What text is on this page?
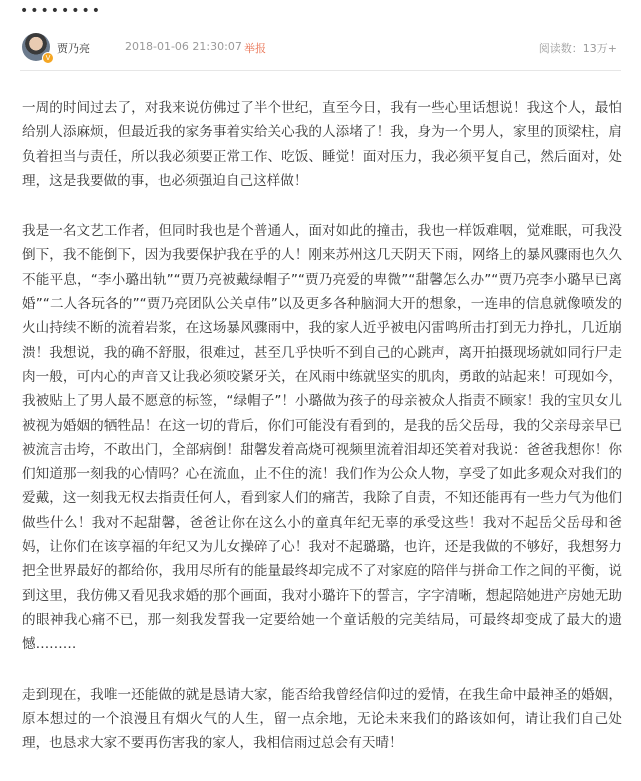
••••••••
V
贾乃亮	2018-01-06 21:30:07 举报	阅读数：13万+

一周的时间过去了，对我来说仿佛过了半个世纪，直至今日，我有一些心里话想说！我这个人，最怕给别人添麻烦，但最近我的家务事着实给关心我的人添堵了！我，身为一个男人，家里的顶梁柱，肩负着担当与责任，所以我必须要正常工作、吃饭、睡觉！面对压力，我必须平复自己，然后面对，处理，这是我要做的事，也必须强迫自己这样做！

我是一名文艺工作者，但同时我也是个普通人，面对如此的撞击，我也一样饭难咽，觉难眠，可我没倒下，我不能倒下，因为我要保护我在乎的人！刚来苏州这几天阴天下雨，网络上的暴风骤雨也久久不能平息，“李小璐出轨”“贾乃亮被戴绿帽子”“贾乃亮爱的卑微”“甜馨怎么办”“贾乃亮李小璐早已离婚”“二人各玩各的”“贾乃亮团队公关卓伟”以及更多各种脑洞大开的想象，一连串的信息就像喷发的火山持续不断的流着岩浆，在这场暴风骤雨中，我的家人近乎被电闪雷鸣所击打到无力挣扎，几近崩溃！我想说，我的确不舒服，很难过，甚至几乎快听不到自己的心跳声，离开拍摄现场就如同行尸走肉一般，可内心的声音又让我必须咬紧牙关，在风雨中练就坚实的肌肉，勇敢的站起来！可现如今，我被贴上了男人最不愿意的标签，“绿帽子”！小璐做为孩子的母亲被众人指责不顾家！我的宝贝女儿被视为婚姻的牺牲品！在这一切的背后，你们可能没有看到的，是我的岳父岳母，我的父亲母亲早已被流言击垮，不敢出门，全部病倒！甜馨发着高烧可视频里流着泪却还笑着对我说：爸爸我想你！你们知道那一刻我的心情吗？心在流血，止不住的流！我们作为公众人物，享受了如此多观众对我们的爱戴，这一刻我无权去指责任何人，看到家人们的痛苦，我除了自责，不知还能再有一些力气为他们做些什么！我对不起甜馨，爸爸让你在这么小的童真年纪无辜的承受这些！我对不起岳父岳母和爸妈，让你们在该享福的年纪又为儿女操碎了心！我对不起璐璐，也许，还是我做的不够好，我想努力把全世界最好的都给你，我用尽所有的能量最终却完成不了对家庭的陪伴与拼命工作之间的平衡，说到这里，我仿佛又看见我求婚的那个画面，我对小璐许下的誓言，字字清晰，想起陪她进产房她无助的眼神我心痛不已，那一刻我发誓我一定要给她一个童话般的完美结局，可最终却变成了最大的遗憾………

走到现在，我唯一还能做的就是恳请大家，能否给我曾经信仰过的爱情，在我生命中最神圣的婚姻，原本想过的一个浪漫且有烟火气的人生，留一点余地，无论未来我们的路该如何，请让我们自己处理，也恳求大家不要再伤害我的家人，我相信雨过总会有天晴！
